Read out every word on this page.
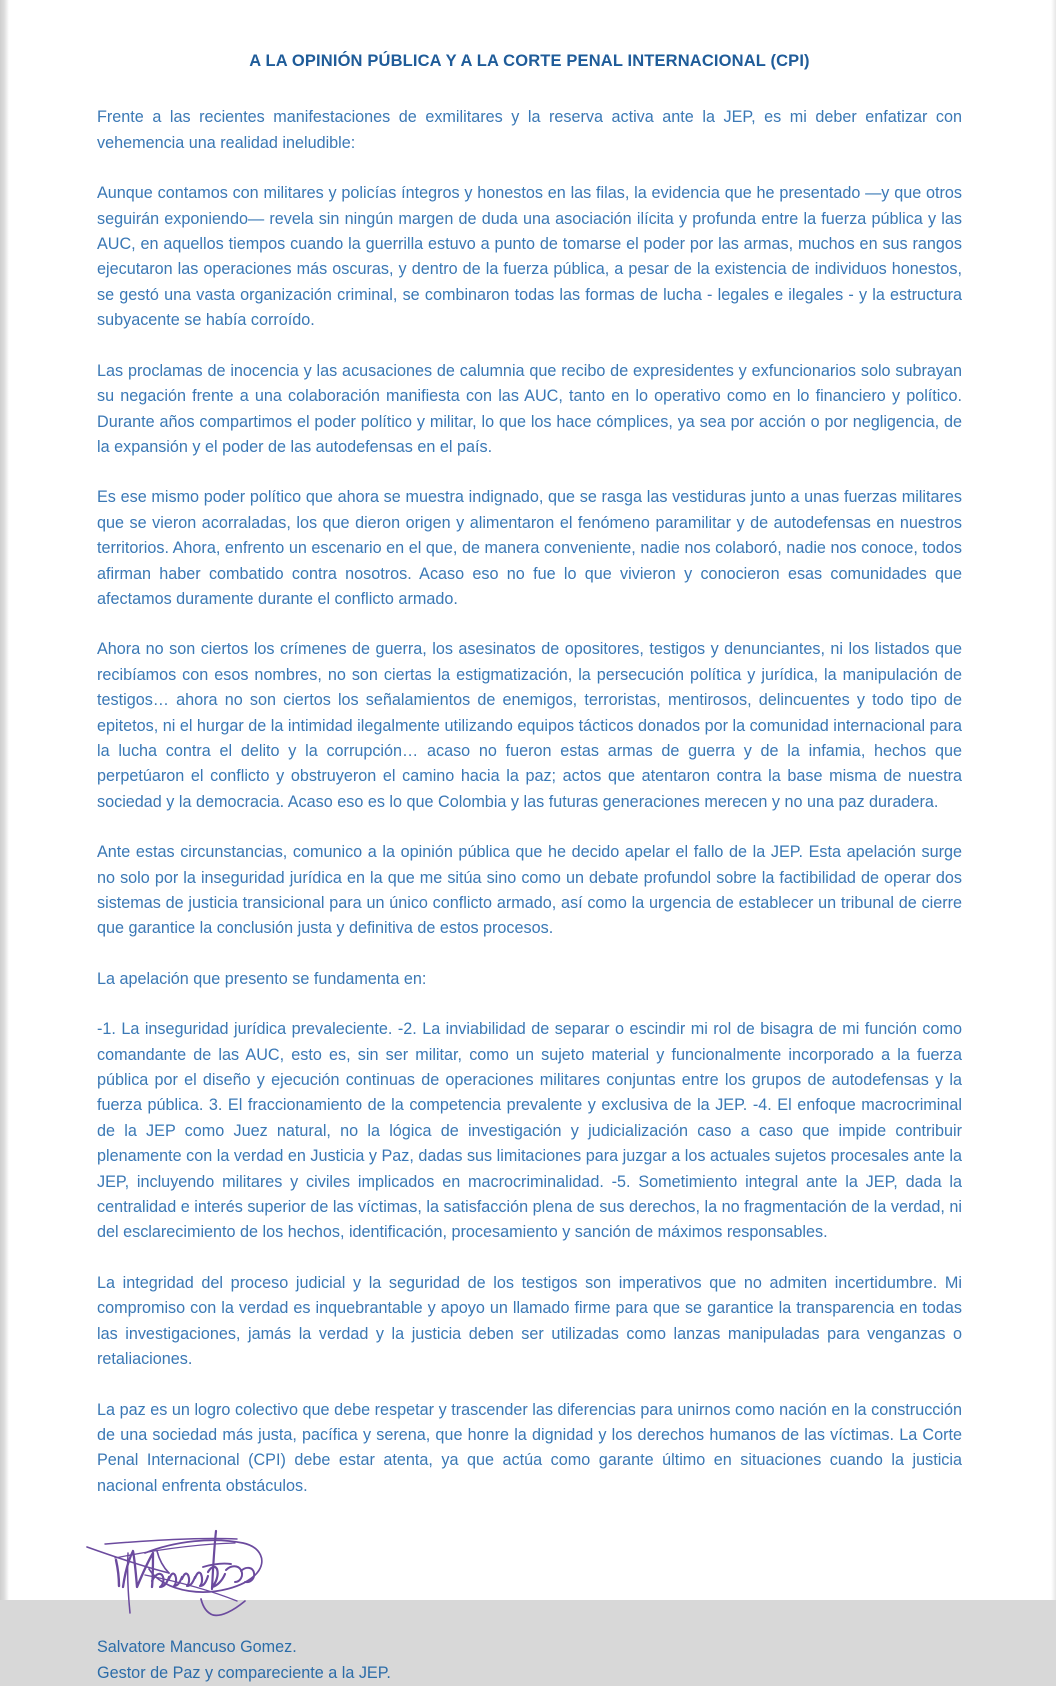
A LA OPINIÓN PÚBLICA Y A LA CORTE PENAL INTERNACIONAL (CPI)

Frente a las recientes manifestaciones de exmilitares y la reserva activa ante la JEP, es mi deber enfatizar con vehemencia una realidad ineludible:

Aunque contamos con militares y policías íntegros y honestos en las filas, la evidencia que he presentado —y que otros seguirán exponiendo— revela sin ningún margen de duda una asociación ilícita y profunda entre la fuerza pública y las AUC, en aquellos tiempos cuando la guerrilla estuvo a punto de tomarse el poder por las armas, muchos en sus rangos ejecutaron las operaciones más oscuras, y dentro de la fuerza pública, a pesar de la existencia de individuos honestos, se gestó una vasta organización criminal, se combinaron todas las formas de lucha - legales e ilegales - y la estructura subyacente se había corroído.

Las proclamas de inocencia y las acusaciones de calumnia que recibo de expresidentes y exfuncionarios solo subrayan su negación frente a una colaboración manifiesta con las AUC, tanto en lo operativo como en lo financiero y político. Durante años compartimos el poder político y militar, lo que los hace cómplices, ya sea por acción o por negligencia, de la expansión y el poder de las autodefensas en el país.

Es ese mismo poder político que ahora se muestra indignado, que se rasga las vestiduras junto a unas fuerzas militares que se vieron acorraladas, los que dieron origen y alimentaron el fenómeno paramilitar y de autodefensas en nuestros territorios. Ahora, enfrento un escenario en el que, de manera conveniente, nadie nos colaboró, nadie nos conoce, todos afirman haber combatido contra nosotros. Acaso eso no fue lo que vivieron y conocieron esas comunidades que afectamos duramente durante el conflicto armado.

Ahora no son ciertos los crímenes de guerra, los asesinatos de opositores, testigos y denunciantes, ni los listados que recibíamos con esos nombres, no son ciertas la estigmatización, la persecución política y jurídica, la manipulación de testigos… ahora no son ciertos los señalamientos de enemigos, terroristas, mentirosos, delincuentes y todo tipo de epitetos, ni el hurgar de la intimidad ilegalmente utilizando equipos tácticos donados por la comunidad internacional para la lucha contra el delito y la corrupción… acaso no fueron estas armas de guerra y de la infamia, hechos que perpetúaron el conflicto y obstruyeron el camino hacia la paz; actos que atentaron contra la base misma de nuestra sociedad y la democracia. Acaso eso es lo que Colombia y las futuras generaciones merecen y no una paz duradera.

Ante estas circunstancias, comunico a la opinión pública que he decido apelar el fallo de la JEP. Esta apelación surge no solo por la inseguridad jurídica en la que me sitúa sino como un debate profundol sobre la factibilidad de operar dos sistemas de justicia transicional para un único conflicto armado, así como la urgencia de establecer un tribunal de cierre que garantice la conclusión justa y definitiva de estos procesos.

La apelación que presento se fundamenta en:

-1. La inseguridad jurídica prevaleciente. -2. La inviabilidad de separar o escindir mi rol de bisagra de mi función como comandante de las AUC, esto es, sin ser militar, como un sujeto material y funcionalmente incorporado a la fuerza pública por el diseño y ejecución continuas de operaciones militares conjuntas entre los grupos de autodefensas y la fuerza pública. 3. El fraccionamiento de la competencia prevalente y exclusiva de la JEP. -4. El enfoque macrocriminal de la JEP como Juez natural, no la lógica de investigación y judicialización caso a caso que impide contribuir plenamente con la verdad en Justicia y Paz, dadas sus limitaciones para juzgar a los actuales sujetos procesales ante la JEP, incluyendo militares y civiles implicados en macrocriminalidad. -5. Sometimiento integral ante la JEP, dada la centralidad e interés superior de las víctimas, la satisfacción plena de sus derechos, la no fragmentación de la verdad, ni del esclarecimiento de los hechos, identificación, procesamiento y sanción de máximos responsables.

La integridad del proceso judicial y la seguridad de los testigos son imperativos que no admiten incertidumbre. Mi compromiso con la verdad es inquebrantable y apoyo un llamado firme para que se garantice la transparencia en todas las investigaciones, jamás la verdad y la justicia deben ser utilizadas como lanzas manipuladas para venganzas o retaliaciones.

La paz es un logro colectivo que debe respetar y trascender las diferencias para unirnos como nación en la construcción de una sociedad más justa, pacífica y serena, que honre la dignidad y los derechos humanos de las víctimas. La Corte Penal Internacional (CPI) debe estar atenta, ya que actúa como garante último en situaciones cuando la justicia nacional enfrenta obstáculos.

Salvatore Mancuso Gomez.

Gestor de Paz y compareciente a la JEP.
